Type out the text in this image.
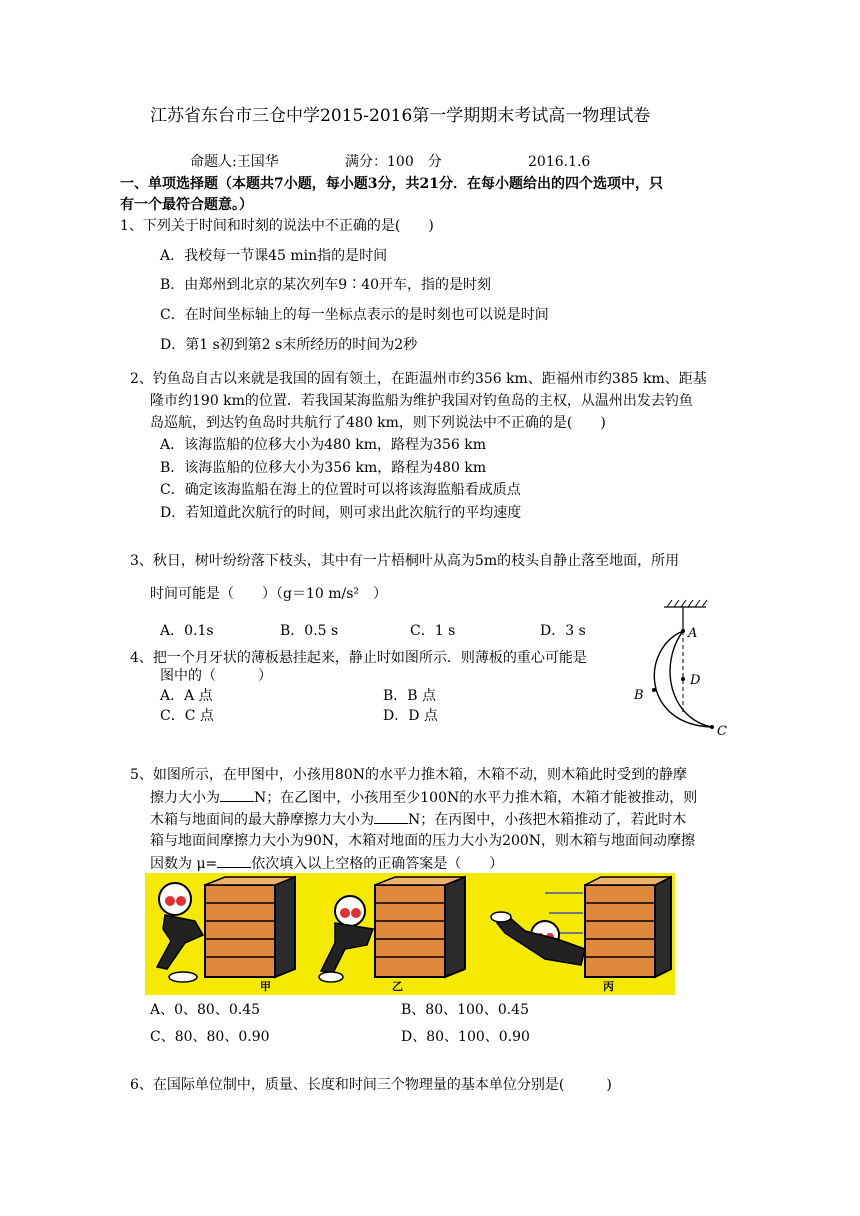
江苏省东台市三仓中学2015-2016第一学期期末考试高一物理试卷
命题人:王国华	满分：100　分	2016.1.6
一、单项选择题（本题共7小题，每小题3分，共21分．在每小题给出的四个选项中，只
有一个最符合题意。）
1、下列关于时间和时刻的说法中不正确的是(　　)
A．我校每一节课45 min指的是时间
B．由郑州到北京的某次列车9∶40开车，指的是时刻
C．在时间坐标轴上的每一坐标点表示的是时刻也可以说是时间
D．第1 s初到第2 s末所经历的时间为2秒
2、钓鱼岛自古以来就是我国的固有领土，在距温州市约356 km、距福州市约385 km、距基
隆市约190 km的位置．若我国某海监船为维护我国对钓鱼岛的主权，从温州出发去钓鱼
岛巡航，到达钓鱼岛时共航行了480 km，则下列说法中不正确的是(　　)
A．该海监船的位移大小为480 km，路程为356 km
B．该海监船的位移大小为356 km，路程为480 km
C．确定该海监船在海上的位置时可以将该海监船看成质点
D．若知道此次航行的时间，则可求出此次航行的平均速度
3、秋日，树叶纷纷落下枝头，其中有一片梧桐叶从高为5m的枝头自静止落至地面，所用
时间可能是（　　）（g＝10 m/s²　）
A．0.1s	B．0.5 s	C．1 s	D．3 s
4、把一个月牙状的薄板悬挂起来，静止时如图所示．则薄板的重心可能是
图中的（　　　）
A．A 点	B．B 点
C．C 点	D．D 点
A
D
B
C
5、如图所示，在甲图中，小孩用80N的水平力推木箱，木箱不动，则木箱此时受到的静摩
擦力大小为 N；在乙图中，小孩用至少100N的水平力推木箱，木箱才能被推动，则
木箱与地面间的最大静摩擦力大小为 N；在丙图中，小孩把木箱推动了，若此时木
箱与地面间摩擦力大小为90N，木箱对地面的压力大小为200N，则木箱与地面间动摩擦
因数为 μ= 依次填入以上空格的正确答案是（　　）
甲	乙	丙
A、0、80、0.45	B、80、100、0.45
C、80、80、0.90	D、80、100、0.90
6、在国际单位制中，质量、长度和时间三个物理量的基本单位分别是(　　　)
